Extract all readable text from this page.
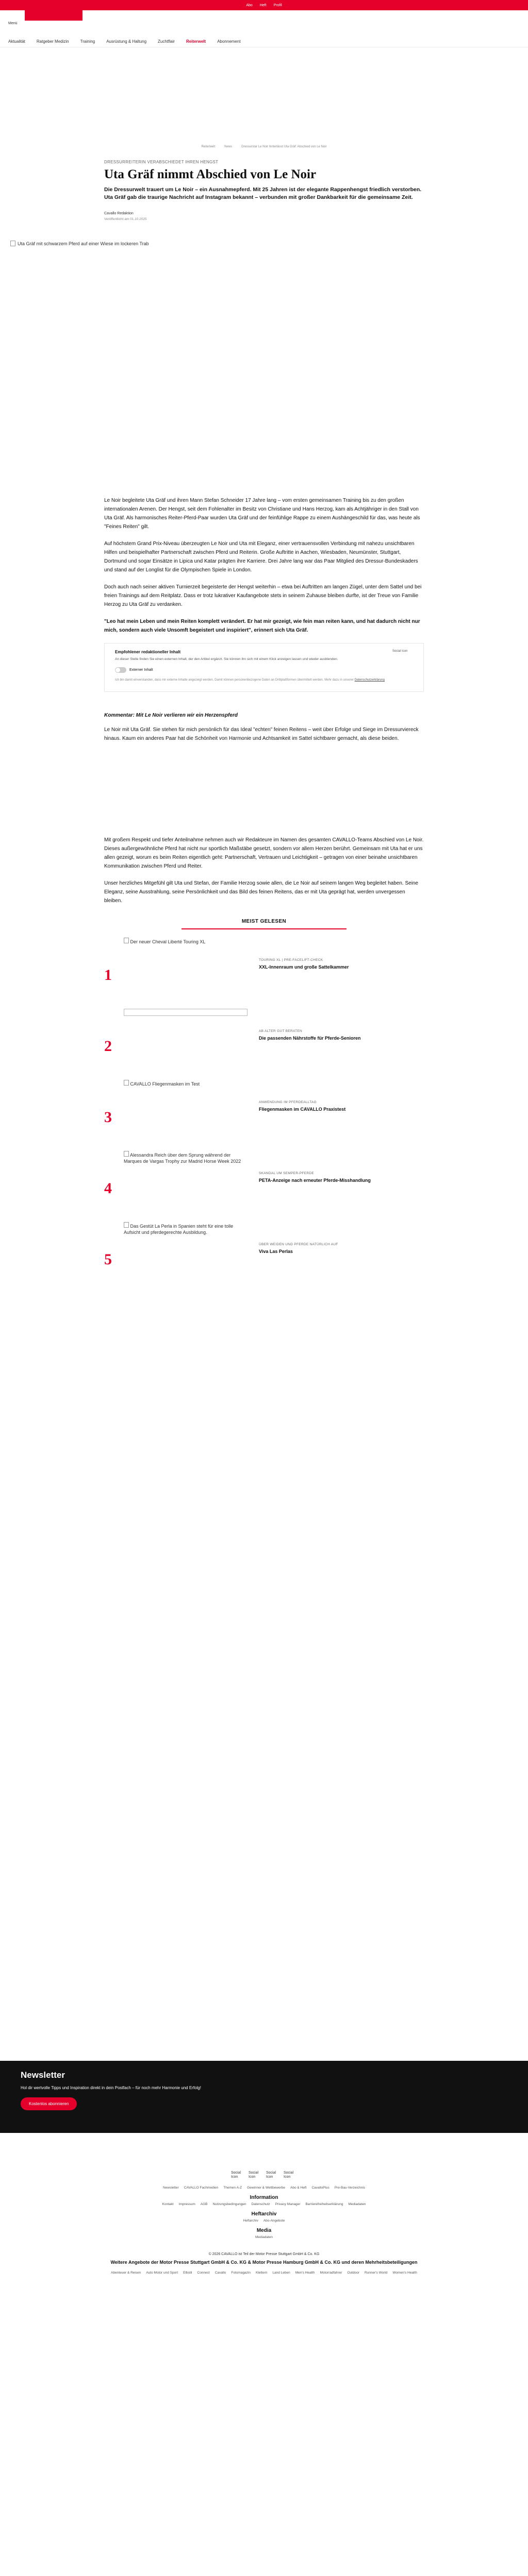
Abo Heft Profil
Menü
Aktualität	Ratgeber Medizin	Training	Ausrüstung & Haltung	Zuchtflair	Reiterwelt	Abonnement
Reiterwelt	News	Dressurstar Le Noir hinterlässt Uta Gräf: Abschied von Le Noir
DRESSURREITERIN VERABSCHIEDET IHREN HENGST
Uta Gräf nimmt Abschied von Le Noir

Die Dressurwelt trauert um Le Noir – ein Ausnahmepferd. Mit 25 Jahren ist der elegante Rappenhengst friedlich verstorben. Uta Gräf gab die traurige Nachricht auf Instagram bekannt – verbunden mit großer Dankbarkeit für die gemeinsame Zeit.

Cavallo Redaktion
Veröffentlicht am 01.10.2025
Uta Gräf mit schwarzem Pferd auf einer Wiese im lockeren Trab

Le Noir begleitete Uta Gräf und ihren Mann Stefan Schneider 17 Jahre lang – vom ersten gemeinsamen Training bis zu den großen internationalen Arenen. Der Hengst, seit dem Fohlenalter im Besitz von Christiane und Hans Herzog, kam als Achtjähriger in den Stall von Uta Gräf. Als harmonisches Reiter-Pferd-Paar wurden Uta Gräf und der feinfühlige Rappe zu einem Aushängeschild für das, was heute als "Feines Reiten" gilt.

Auf höchstem Grand Prix-Niveau überzeugten Le Noir und Uta mit Eleganz, einer vertrauensvollen Verbindung mit nahezu unsichtbaren Hilfen und beispielhafter Partnerschaft zwischen Pferd und Reiterin. Große Auftritte in Aachen, Wiesbaden, Neumünster, Stuttgart, Dortmund und sogar Einsätze in Lipica und Katar prägten ihre Karriere. Drei Jahre lang war das Paar Mitglied des Dressur-Bundeskaders und stand auf der Longlist für die Olympischen Spiele in London.

Doch auch nach seiner aktiven Turnierzeit begeisterte der Hengst weiterhin – etwa bei Auftritten am langen Zügel, unter dem Sattel und bei freien Trainings auf dem Reitplatz. Dass er trotz lukrativer Kaufangebote stets in seinem Zuhause bleiben durfte, ist der Treue von Familie Herzog zu Uta Gräf zu verdanken.

"Leo hat mein Leben und mein Reiten komplett verändert. Er hat mir gezeigt, wie fein man reiten kann, und hat dadurch nicht nur mich, sondern auch viele Unsomft begeistert und inspiriert", erinnert sich Uta Gräf.

Empfohlener redaktioneller Inhalt
An dieser Stelle finden Sie einen externen Inhalt, der den Artikel ergänzt. Sie können ihn sich mit einem Klick anzeigen lassen und wieder ausblenden.
Social Icon
Externer Inhalt
Ich bin damit einverstanden, dass mir externe Inhalte angezeigt werden. Damit können personenbezogene Daten an Drittplattformen übermittelt werden. Mehr dazu in unserer Datenschutzerklärung
Kommentar: Mit Le Noir verlieren wir ein Herzenspferd

Le Noir mit Uta Gräf. Sie stehen für mich persönlich für das Ideal "echten" feinen Reitens – weit über Erfolge und Siege im Dressurviereck hinaus. Kaum ein anderes Paar hat die Schönheit von Harmonie und Achtsamkeit im Sattel sichtbarer gemacht, als diese beiden.

Mit großem Respekt und tiefer Anteilnahme nehmen auch wir Redakteure im Namen des gesamten CAVALLO-Teams Abschied von Le Noir. Dieses außergewöhnliche Pferd hat nicht nur sportlich Maßstäbe gesetzt, sondern vor allem Herzen berührt. Gemeinsam mit Uta hat er uns allen gezeigt, worum es beim Reiten eigentlich geht: Partnerschaft, Vertrauen und Leichtigkeit – getragen von einer beinahe unsichtbaren Kommunikation zwischen Pferd und Reiter.

Unser herzliches Mitgefühl gilt Uta und Stefan, der Familie Herzog sowie allen, die Le Noir auf seinem langen Weg begleitet haben. Seine Eleganz, seine Ausstrahlung, seine Persönlichkeit und das Bild des feinen Reitens, das er mit Uta geprägt hat, werden unvergessen bleiben.

MEIST GELESEN
1
Der neuer Cheval Liberté Touring XL
TOURING XL | PRE-FACELIFT-CHECK
XXL-Innenraum und große Sattelkammer
2
AB ALTER GUT BERATEN
Die passenden Nährstoffe für Pferde-Senioren
3
CAVALLO Fliegenmasken im Test
ANWENDUNG IM PFERDEALLTAG
Fliegenmasken im CAVALLO Praxistest
4
Alessandra Reich über dem Sprung während der Marques de Vargas Trophy zur Madrid Horse Week 2022
SKANDAL UM SEMPER-PFERDE
PETA-Anzeige nach erneuter Pferde-Misshandlung
5
Das Gestüt La Perla in Spanien steht für eine tolle Aufsicht und pferdegerechte Ausbildung.
ÜBER WEIDEN UND PFERDE NATÜRLICH AUF
Viva Las Perlas
Newsletter

Hol dir wertvolle Tipps und Inspiration direkt in dein Postfach – für noch mehr Harmonie und Erfolg!

Kostenlos abonnieren
Social Icon
Social Icon
Social Icon
Social Icon
Newsletter CAVALLO Fachmedien Themen A-Z Gewinner & Wettbewerbe Abo & Heft CavalloPlus Pre-Bau-Verzeichnis
Information
Kontakt Impressum AGB Nutzungsbedingungen Datenschutz Privacy Manager Barrierefreiheitserklärung Mediadaten
Heftarchiv
Heftarchiv Abo-Angebote
Media
Mediadaten
© 2026 CAVALLO ist Teil der Motor Presse Stuttgart GmbH & Co. KG
Weitere Angebote der Motor Presse Stuttgart GmbH & Co. KG & Motor Presse Hamburg GmbH & Co. KG und deren Mehrheitsbeteiligungen
Abenteuer & Reisen Auto Motor und Sport Elbstil Connect Cavallo Fotomagazin Klettern Land Leben Men's Health Motorradfahrer Outdoor Runner's World Women's Health
